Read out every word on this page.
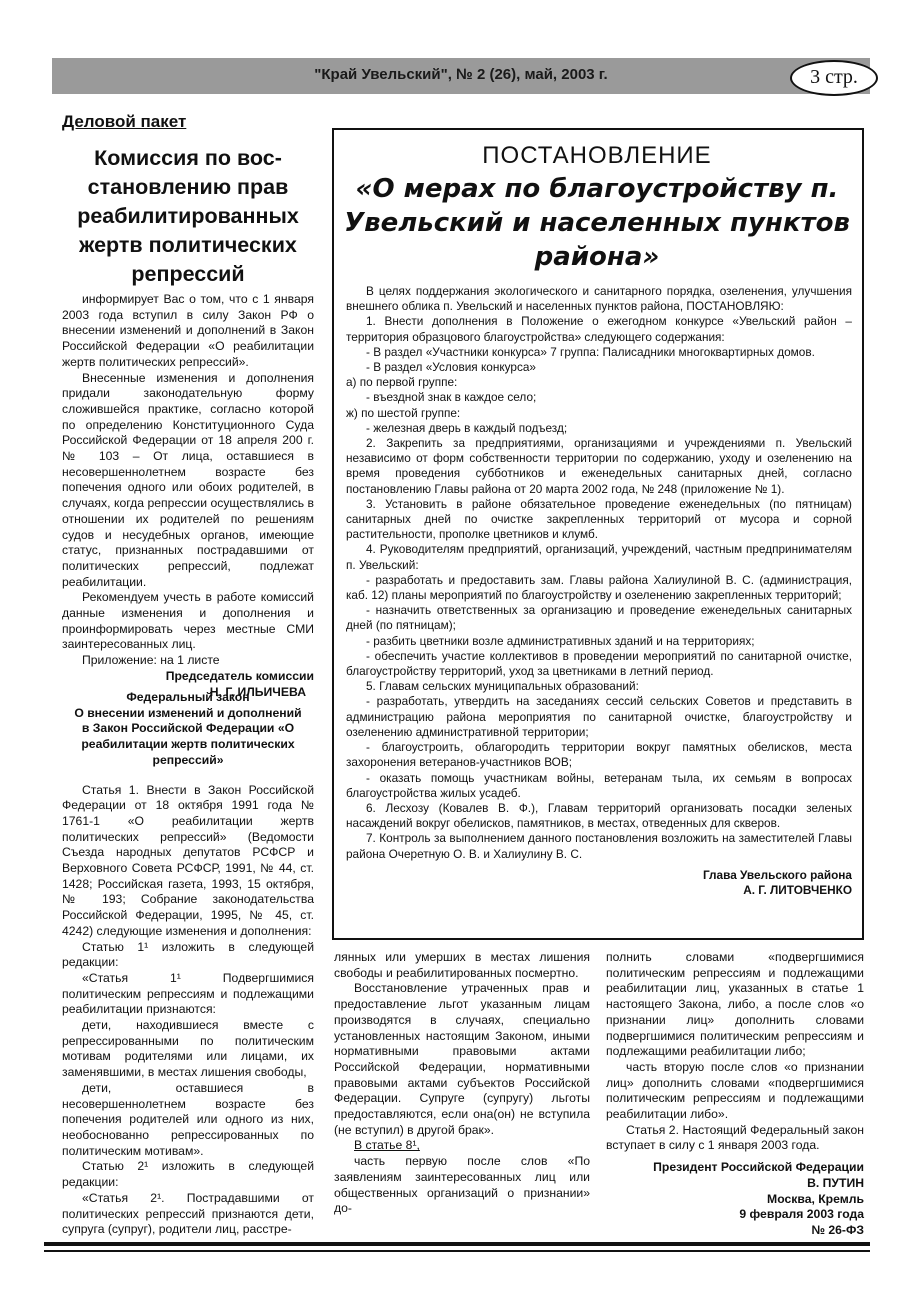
"Край Увельский", № 2 (26), май, 2003 г.	3 стр.
Деловой пакет
Комиссия по вос-становлению прав реабилитированных жертв политических репрессий

информирует Вас о том, что с 1 января 2003 года вступил в силу Закон РФ о внесении изменений и дополнений в Закон Российской Федерации «О реабилитации жертв политических репрессий».

Внесенные изменения и дополнения придали законодательную форму сложившейся практике, согласно которой по определению Конституционного Суда Российской Федерации от 18 апреля 200 г. № 103 – От лица, оставшиеся в несовершеннолетнем возрасте без попечения одного или обоих родителей, в случаях, когда репрессии осуществлялись в отношении их родителей по решениям судов и несудебных органов, имеющие статус, признанных пострадавшими от политических репрессий, подлежат реабилитации.

Рекомендуем учесть в работе комиссий данные изменения и дополнения и проинформировать через местные СМИ заинтересованных лиц.

Приложение: на 1 листе

Председатель комиссии

Н. Г. ИЛЬИЧЕВА

Федеральный закон

О внесении изменений и дополнений в Закон Российской Федерации «О реабилитации жертв политических репрессий»

Статья 1. Внести в Закон Российской Федерации от 18 октября 1991 года № 1761-1 «О реабилитации жертв политических репрессий» (Ведомости Съезда народных депутатов РСФСР и Верховного Совета РСФСР, 1991, № 44, ст. 1428; Российская газета, 1993, 15 октября, № 193; Собрание законодательства Российской Федерации, 1995, № 45, ст. 4242) следующие изменения и дополнения:

Статью 1¹ изложить в следующей редакции:

«Статья 1¹ Подвергшимися политическим репрессиям и подлежащими реабилитации признаются:

дети, находившиеся вместе с репрессированными по политическим мотивам родителями или лицами, их заменявшими, в местах лишения свободы,

дети, оставшиеся в несовершеннолетнем возрасте без попечения родителей или одного из них, необоснованно репрессированных по политическим мотивам».

Статью 2¹ изложить в следующей редакции:

«Статья 2¹. Пострадавшими от политических репрессий признаются дети, супруга (супруг), родители лиц, расстре-

ПОСТАНОВЛЕНИЕ
«О мерах по благоустройству п. Увельский и населенных пунктов района»

В целях поддержания экологического и санитарного порядка, озеленения, улучшения внешнего облика п. Увельский и населенных пунктов района, ПОСТАНОВЛЯЮ:

1. Внести дополнения в Положение о ежегодном конкурсе «Увельский район – территория образцового благоустройства» следующего содержания:

- В раздел «Участники конкурса» 7 группа: Палисадники многоквартирных домов.

- В раздел «Условия конкурса»

а) по первой группе:

- въездной знак в каждое село;

ж) по шестой группе:

- железная дверь в каждый подъезд;

2. Закрепить за предприятиями, организациями и учреждениями п. Увельский независимо от форм собственности территории по содержанию, уходу и озеленению на время проведения субботников и еженедельных санитарных дней, согласно постановлению Главы района от 20 марта 2002 года, № 248 (приложение № 1).

3. Установить в районе обязательное проведение еженедельных (по пятницам) санитарных дней по очистке закрепленных территорий от мусора и сорной растительности, прополке цветников и клумб.

4. Руководителям предприятий, организаций, учреждений, частным предпринимателям п. Увельский:

- разработать и предоставить зам. Главы района Халиулиной В. С. (администрация, каб. 12) планы мероприятий по благоустройству и озеленению закрепленных территорий;

- назначить ответственных за организацию и проведение еженедельных санитарных дней (по пятницам);

- разбить цветники возле административных зданий и на территориях;

- обеспечить участие коллективов в проведении мероприятий по санитарной очистке, благоустройству территорий, уход за цветниками в летний период.

5. Главам сельских муниципальных образований:

- разработать, утвердить на заседаниях сессий сельских Советов и представить в администрацию района мероприятия по санитарной очистке, благоустройству и озеленению административной территории;

- благоустроить, облагородить территории вокруг памятных обелисков, места захоронения ветеранов-участников ВОВ;

- оказать помощь участникам войны, ветеранам тыла, их семьям в вопросах благоустройства жилых усадеб.

6. Лесхозу (Ковалев В. Ф.), Главам территорий организовать посадки зеленых насаждений вокруг обелисков, памятников, в местах, отведенных для скверов.

7. Контроль за выполнением данного постановления возложить на заместителей Главы района Очеретную О. В. и Халиулину В. С.

Глава Увельского района

А. Г. ЛИТОВЧЕНКО

лянных или умерших в местах лишения свободы и реабилитированных посмертно.

Восстановление утраченных прав и предоставление льгот указанным лицам производятся в случаях, специально установленных настоящим Законом, иными нормативными правовыми актами Российской Федерации, нормативными правовыми актами субъектов Российской Федерации. Супруге (супругу) льготы предоставляются, если она(он) не вступила (не вступил) в другой брак».

В статье 8¹,

часть первую после слов «По заявлениям заинтересованных лиц или общественных организаций о признании» до-

полнить словами «подвергшимися политическим репрессиям и подлежащими реабилитации лиц, указанных в статье 1 настоящего Закона, либо, а после слов «о признании лиц» дополнить словами подвергшимися политическим репрессиям и подлежащими реабилитации либо;

часть вторую после слов «о признании лиц» дополнить словами «подвергшимися политическим репрессиям и подлежащими реабилитации либо».

Статья 2. Настоящий Федеральный закон вступает в силу с 1 января 2003 года.

Президент Российской Федерации

В. ПУТИН

Москва, Кремль

9 февраля 2003 года

№ 26-ФЗ
